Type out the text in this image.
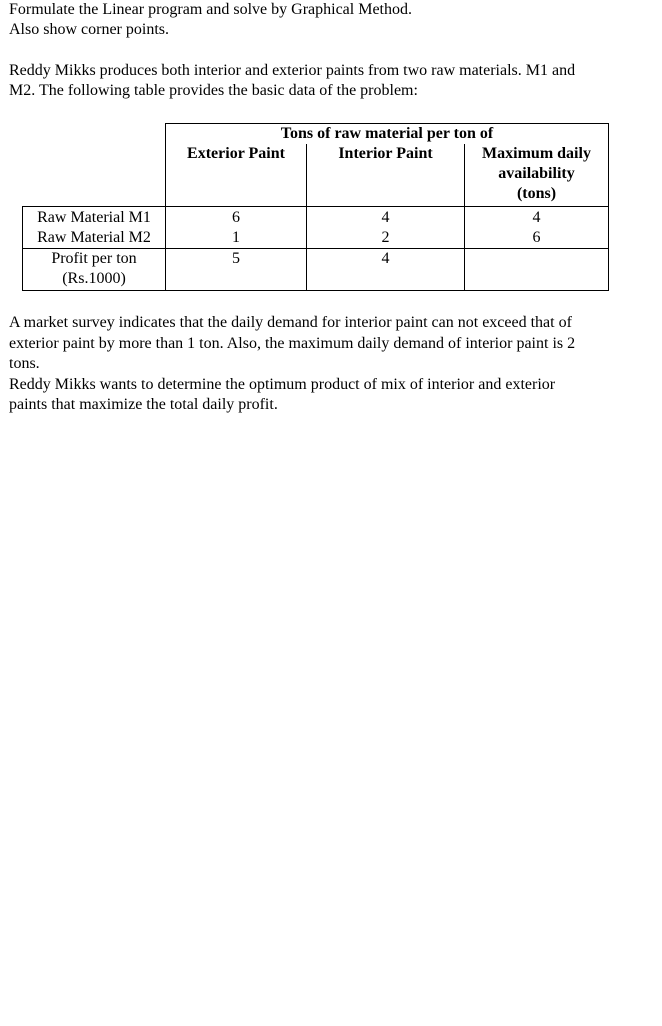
Formulate the Linear program and solve by Graphical Method.
Also show corner points.
Reddy Mikks produces both interior and exterior paints from two raw materials. M1 and
M2. The following table provides the basic data of the problem:
	Tons of raw material per ton of		
	Exterior Paint	Interior Paint	Maximum daily
availability
(tons)

Raw Material M1	6	4	4
Raw Material M2	1	2	6

Profit per ton
(Rs.1000)	5	4	
A market survey indicates that the daily demand for interior paint can not exceed that of
exterior paint by more than 1 ton. Also, the maximum daily demand of interior paint is 2
tons.
Reddy Mikks wants to determine the optimum product of mix of interior and exterior
paints that maximize the total daily profit.
